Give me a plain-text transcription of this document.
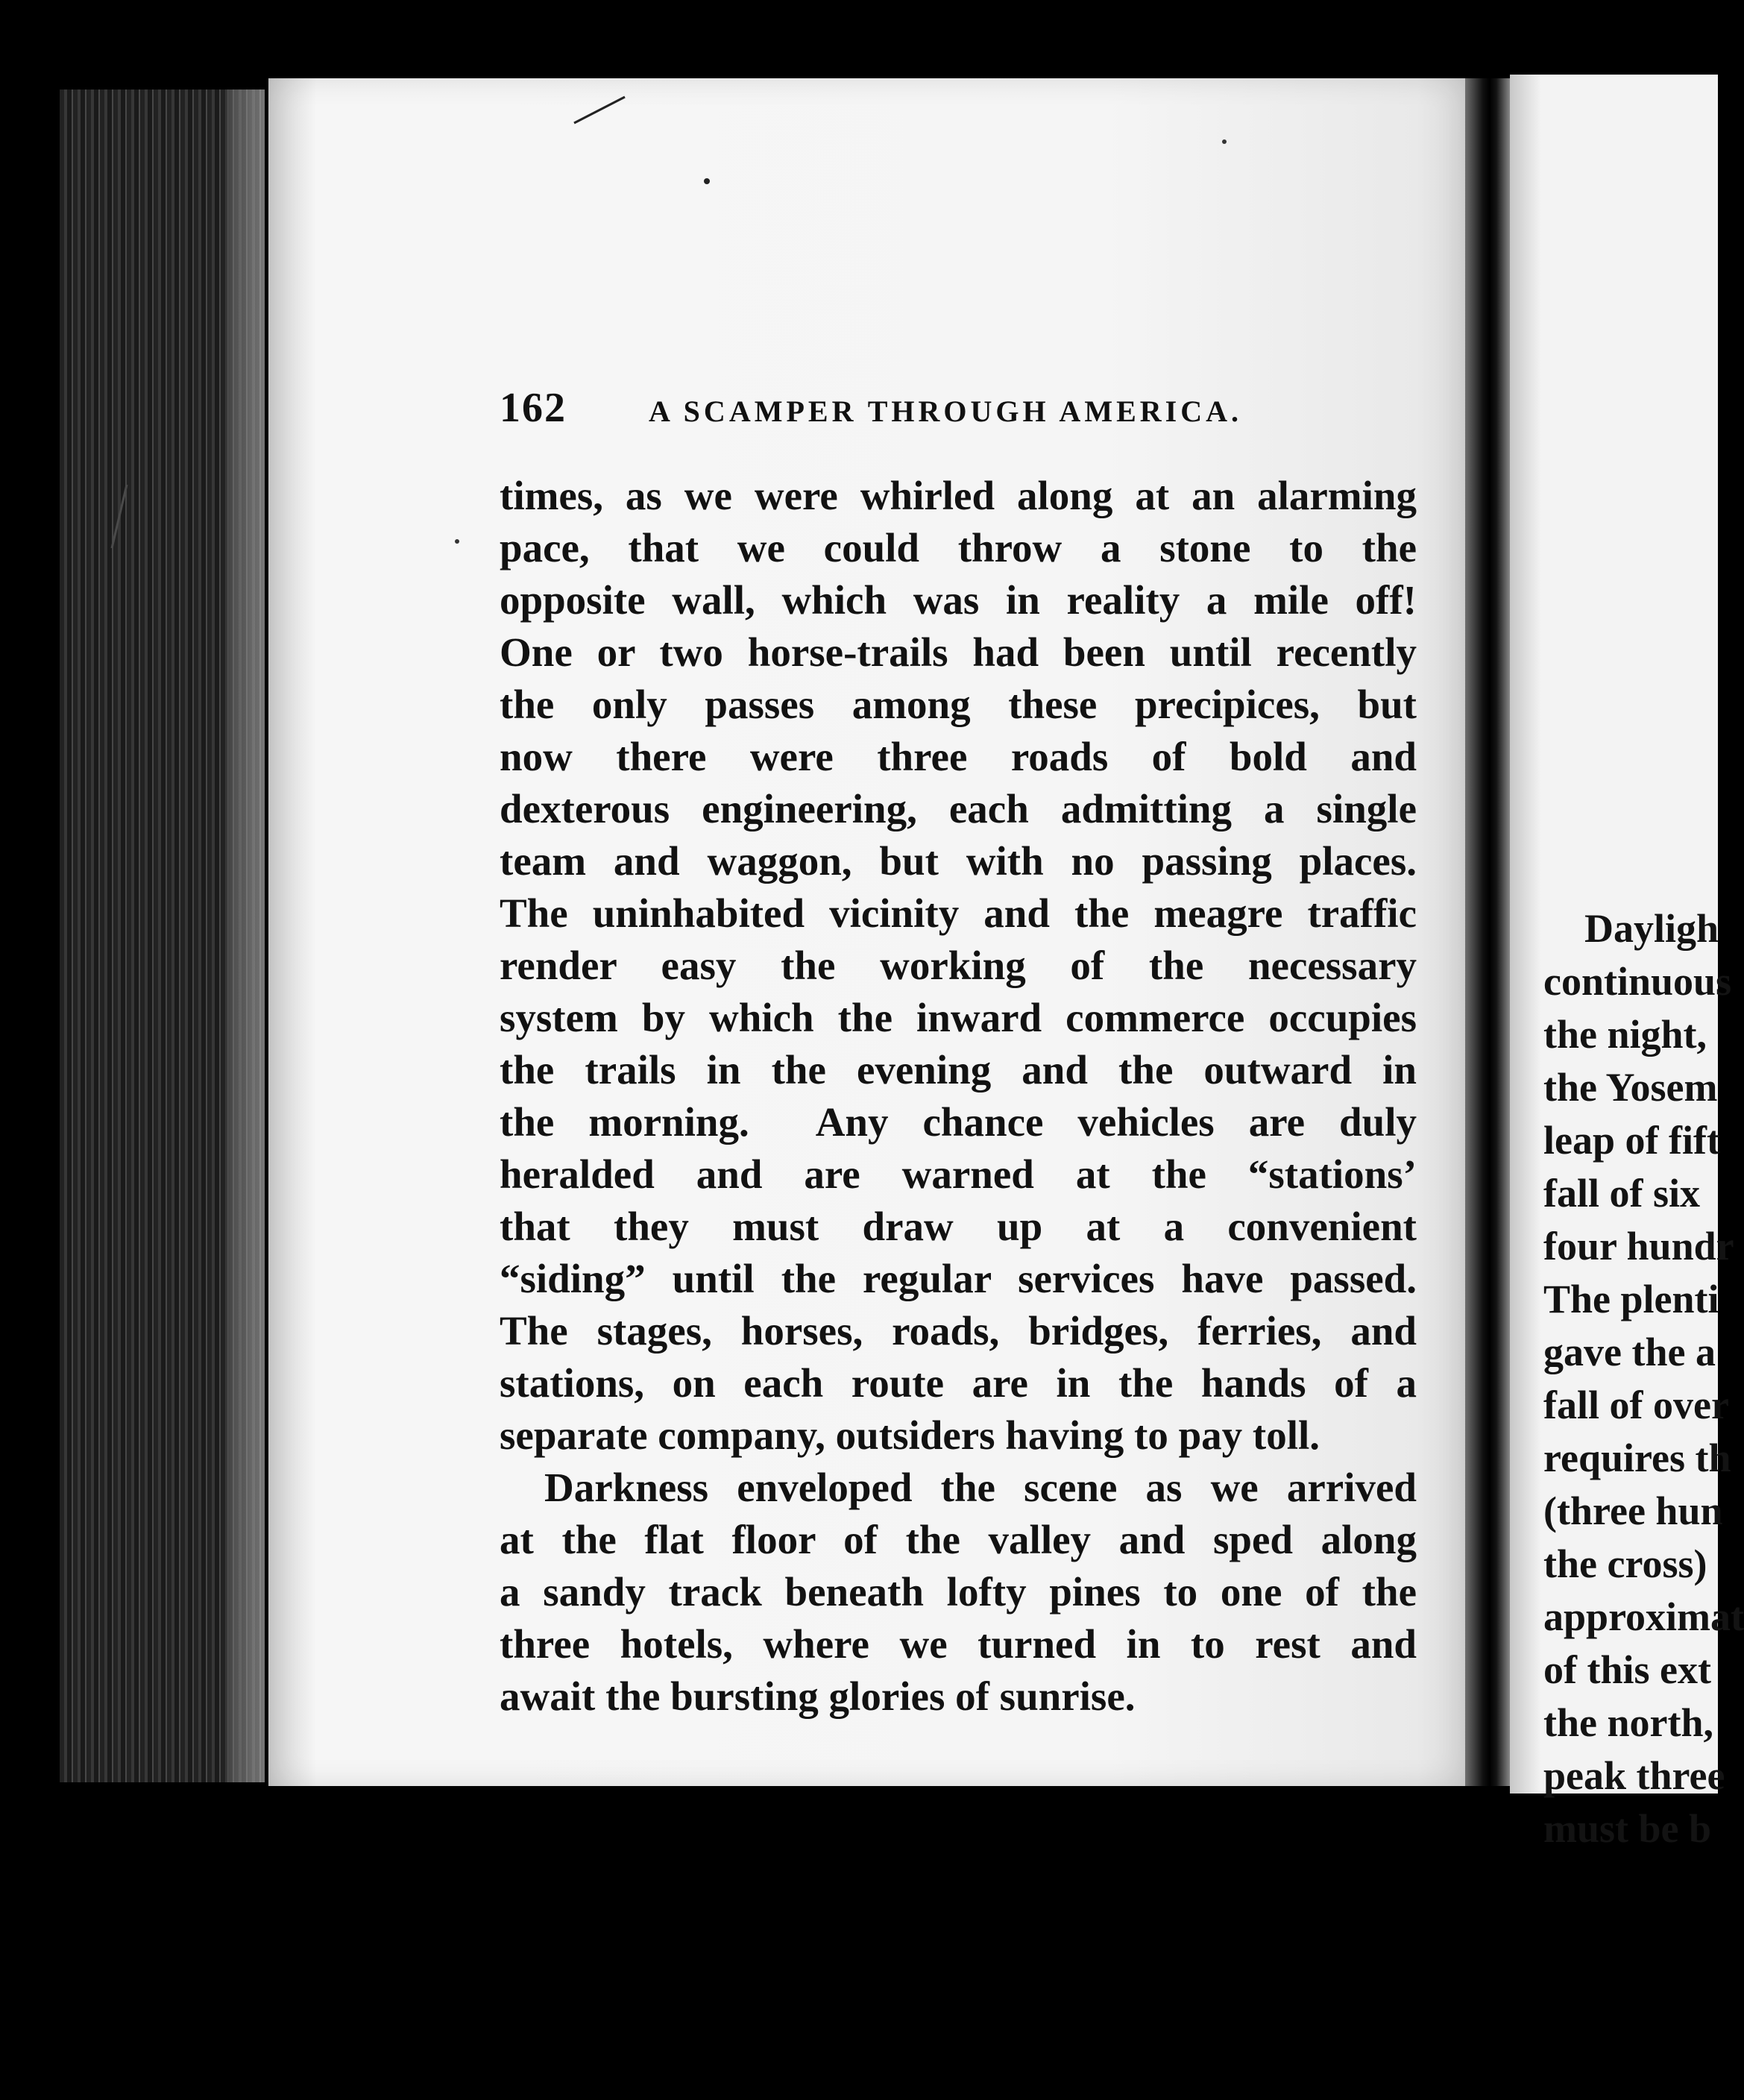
162	A SCAMPER THROUGH AMERICA.
times, as we were whirled along at an alarming
pace, that we could throw a stone to the
opposite wall, which was in reality a mile off!
One or two horse-trails had been until recently
the only passes among these precipices, but
now there were three roads of bold and
dexterous engineering, each admitting a single
team and waggon, but with no passing places.
The uninhabited vicinity and the meagre traffic
render easy the working of the necessary
system by which the inward commerce occupies
the trails in the evening and the outward in
the morning.  Any chance vehicles are duly
heralded and are warned at the “stations’
that they must draw up at a convenient
“siding” until the regular services have passed.
The stages, horses, roads, bridges, ferries, and
stations, on each route are in the hands of a
separate company, outsiders having to pay toll.
Darkness enveloped the scene as we arrived
at the flat floor of the valley and sped along
a sandy track beneath lofty pines to one of the
three hotels, where we turned in to rest and
await the bursting glories of sunrise.
Dayligh
continuous
the night,
the Yosem
leap of fift
fall of six
four hundr
The plenti
gave the a
fall of over
requires th
(three hun
the cross)
approximat
of this ext
the north,
peak three
must be b
